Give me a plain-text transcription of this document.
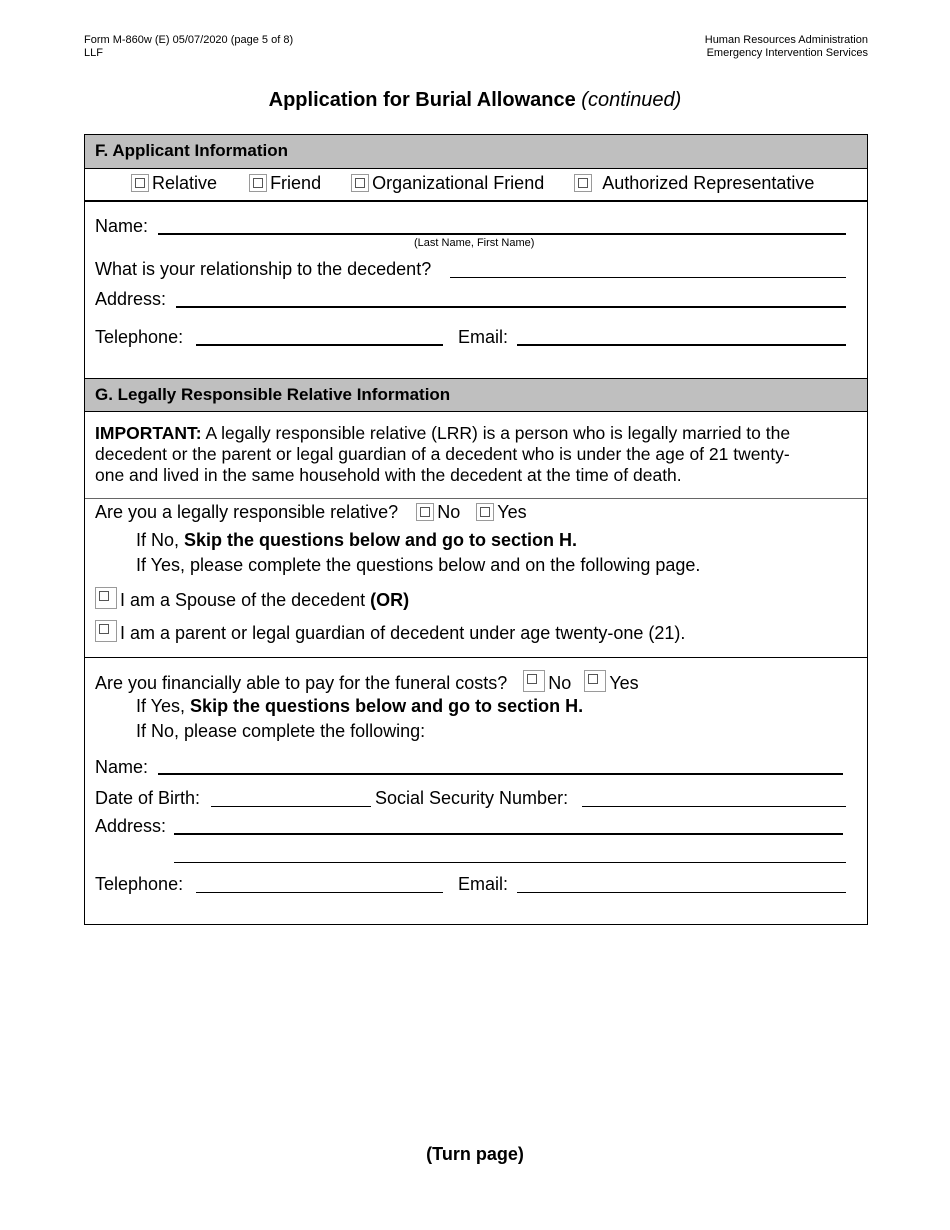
Form M-860w (E) 05/07/2020 (page 5 of 8)
LLF
Human Resources Administration
Emergency Intervention Services
Application for Burial Allowance (continued)
F. Applicant Information
Relative	Friend	Organizational Friend	Authorized Representative
Name:
(Last Name, First Name)
What is your relationship to the decedent?
Address:
Telephone:	Email:
G. Legally Responsible Relative Information
IMPORTANT: A legally responsible relative (LRR) is a person who is legally married to the
decedent or the parent or legal guardian of a decedent who is under the age of 21 twenty-
one and lived in the same household with the decedent at the time of death.
Are you a legally responsible relative? No Yes
If No, Skip the questions below and go to section H.
If Yes, please complete the questions below and on the following page.
I am a Spouse of the decedent (OR)
I am a parent or legal guardian of decedent under age twenty-one (21).
Are you financially able to pay for the funeral costs? No Yes
If Yes, Skip the questions below and go to section H.
If No, please complete the following:
Name:
Date of Birth:	Social Security Number:
Address:
Telephone:	Email:
(Turn page)
